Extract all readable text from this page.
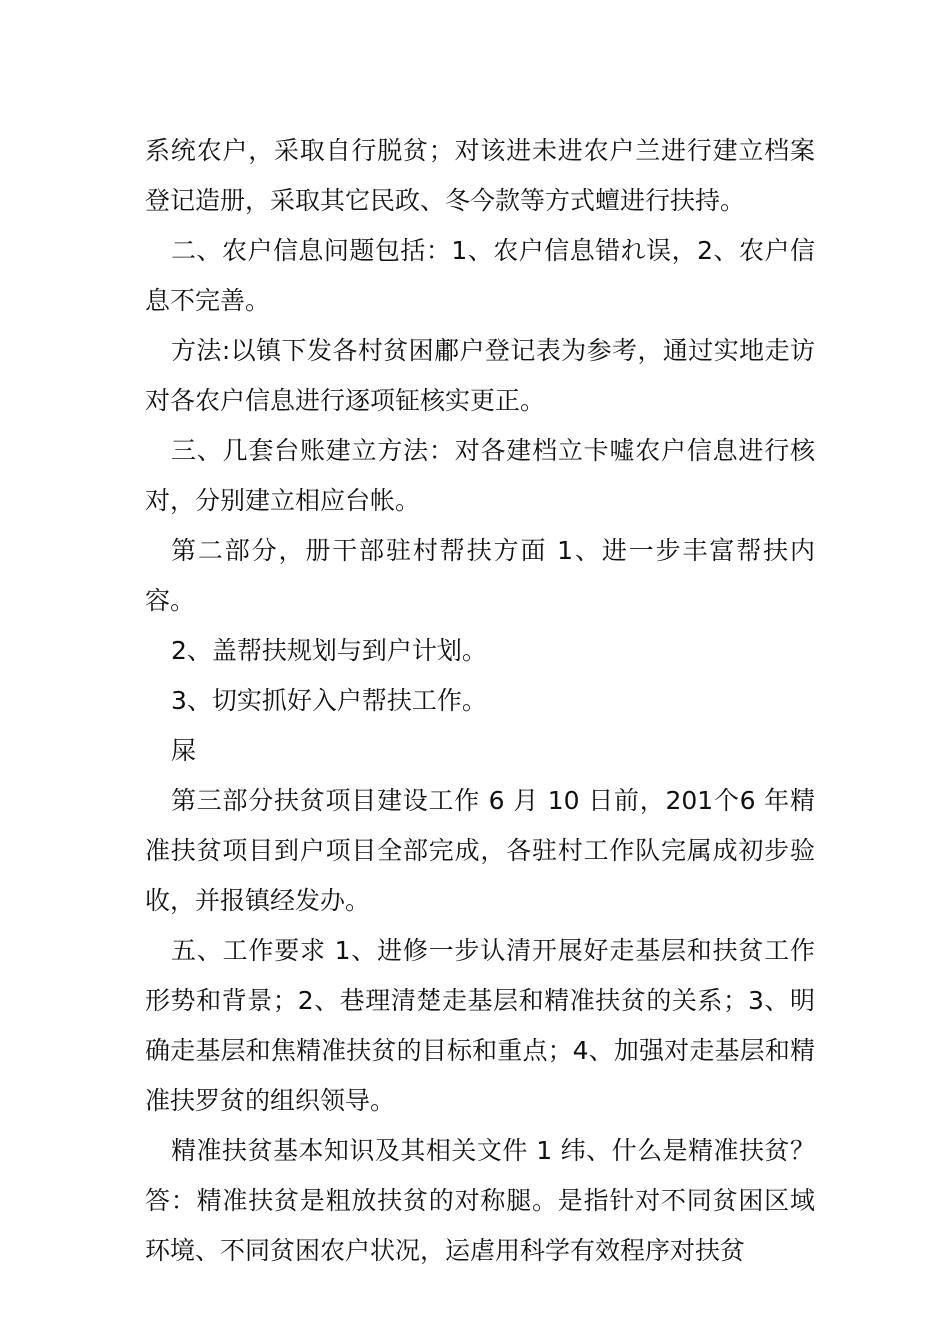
系统农户，采取自行脱贫；对该进未进农户兰进行建立档案登记造册，采取其它民政、冬今款等方式蟺进行扶持。

二、农户信息问题包括：1、农户信息错れ误，2、农户信息不完善。

方法:以镇下发各村贫困鄘户登记表为参考，通过实地走访对各农户信息进行逐项钲核实更正。

三、几套台账建立方法：对各建档立卡噓农户信息进行核对，分别建立相应台帐。

第二部分，册干部驻村帮扶方面 1、进一步丰富帮扶内容。

2、盖帮扶规划与到户计划。

3、切实抓好入户帮扶工作。

屎

第三部分扶贫项目建设工作 6 月 10 日前，201个6 年精准扶贫项目到户项目全部完成，各驻村工作队完属成初步验收，并报镇经发办。

五、工作要求 1、进修一步认清开展好走基层和扶贫工作形势和背景；2、巷理清楚走基层和精准扶贫的关系；3、明确走基层和焦精准扶贫的目标和重点；4、加强对走基层和精准扶罗贫的组织领导。

精准扶贫基本知识及其相关文件 1 纬、什么是精准扶贫？答：精准扶贫是粗放扶贫的对称腿。是指针对不同贫困区域环境、不同贫困农户状况，运虐用科学有效程序对扶贫
